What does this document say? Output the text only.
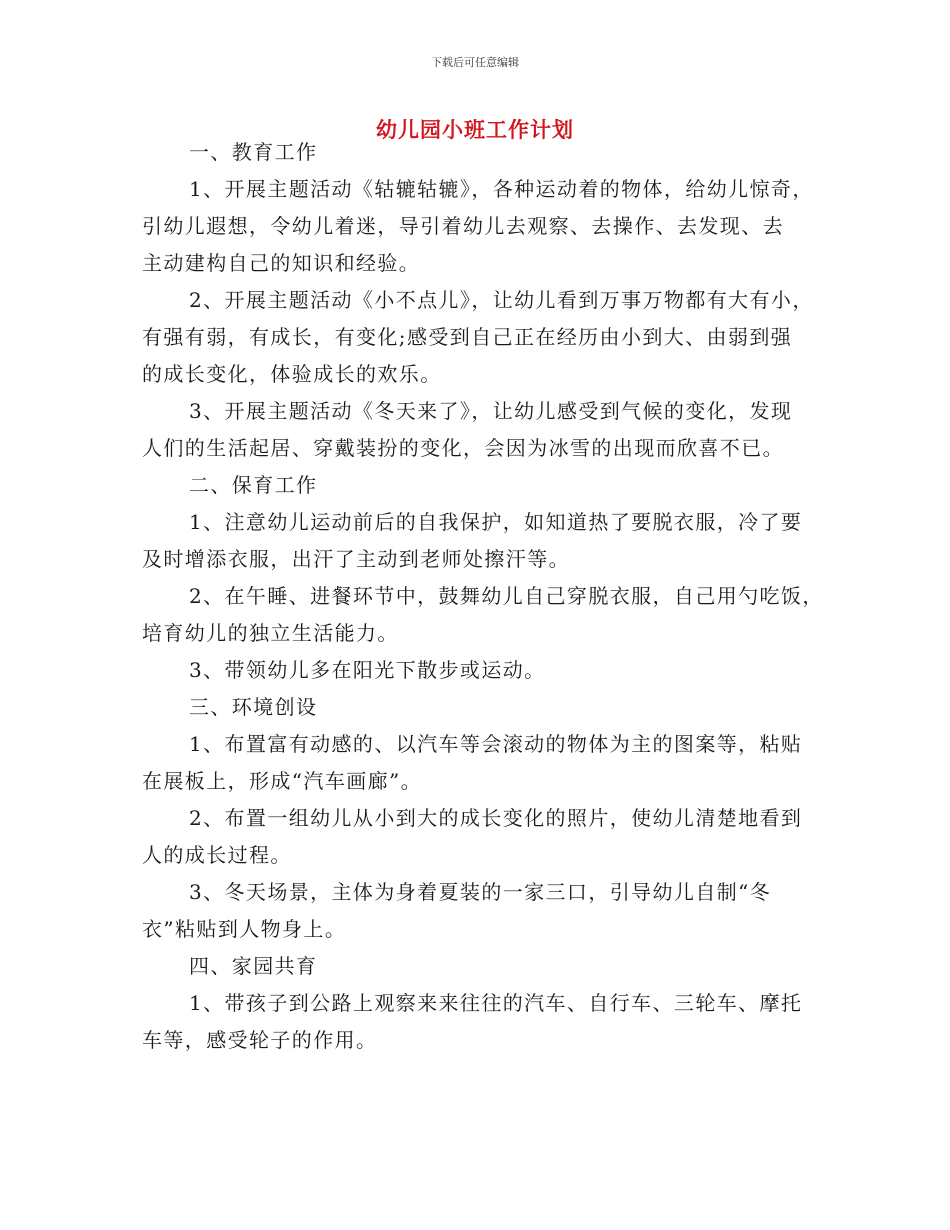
下载后可任意编辑
幼儿园小班工作计划
一、教育工作
1、开展主题活动《轱辘轱辘》，各种运动着的物体，给幼儿惊奇，
引幼儿遐想，令幼儿着迷，导引着幼儿去观察、去操作、去发现、去
主动建构自己的知识和经验。
2、开展主题活动《小不点儿》，让幼儿看到万事万物都有大有小，
有强有弱，有成长，有变化;感受到自己正在经历由小到大、由弱到强
的成长变化，体验成长的欢乐。
3、开展主题活动《冬天来了》，让幼儿感受到气候的变化，发现
人们的生活起居、穿戴装扮的变化，会因为冰雪的出现而欣喜不已。
二、保育工作
1、注意幼儿运动前后的自我保护，如知道热了要脱衣服，冷了要
及时增添衣服，出汗了主动到老师处擦汗等。
2、在午睡、进餐环节中，鼓舞幼儿自己穿脱衣服，自己用勺吃饭，
培育幼儿的独立生活能力。
3、带领幼儿多在阳光下散步或运动。
三、环境创设
1、布置富有动感的、以汽车等会滚动的物体为主的图案等，粘贴
在展板上，形成“汽车画廊”。
2、布置一组幼儿从小到大的成长变化的照片，使幼儿清楚地看到
人的成长过程。
3、冬天场景，主体为身着夏装的一家三口，引导幼儿自制“冬
衣”粘贴到人物身上。
四、家园共育
1、带孩子到公路上观察来来往往的汽车、自行车、三轮车、摩托
车等，感受轮子的作用。
